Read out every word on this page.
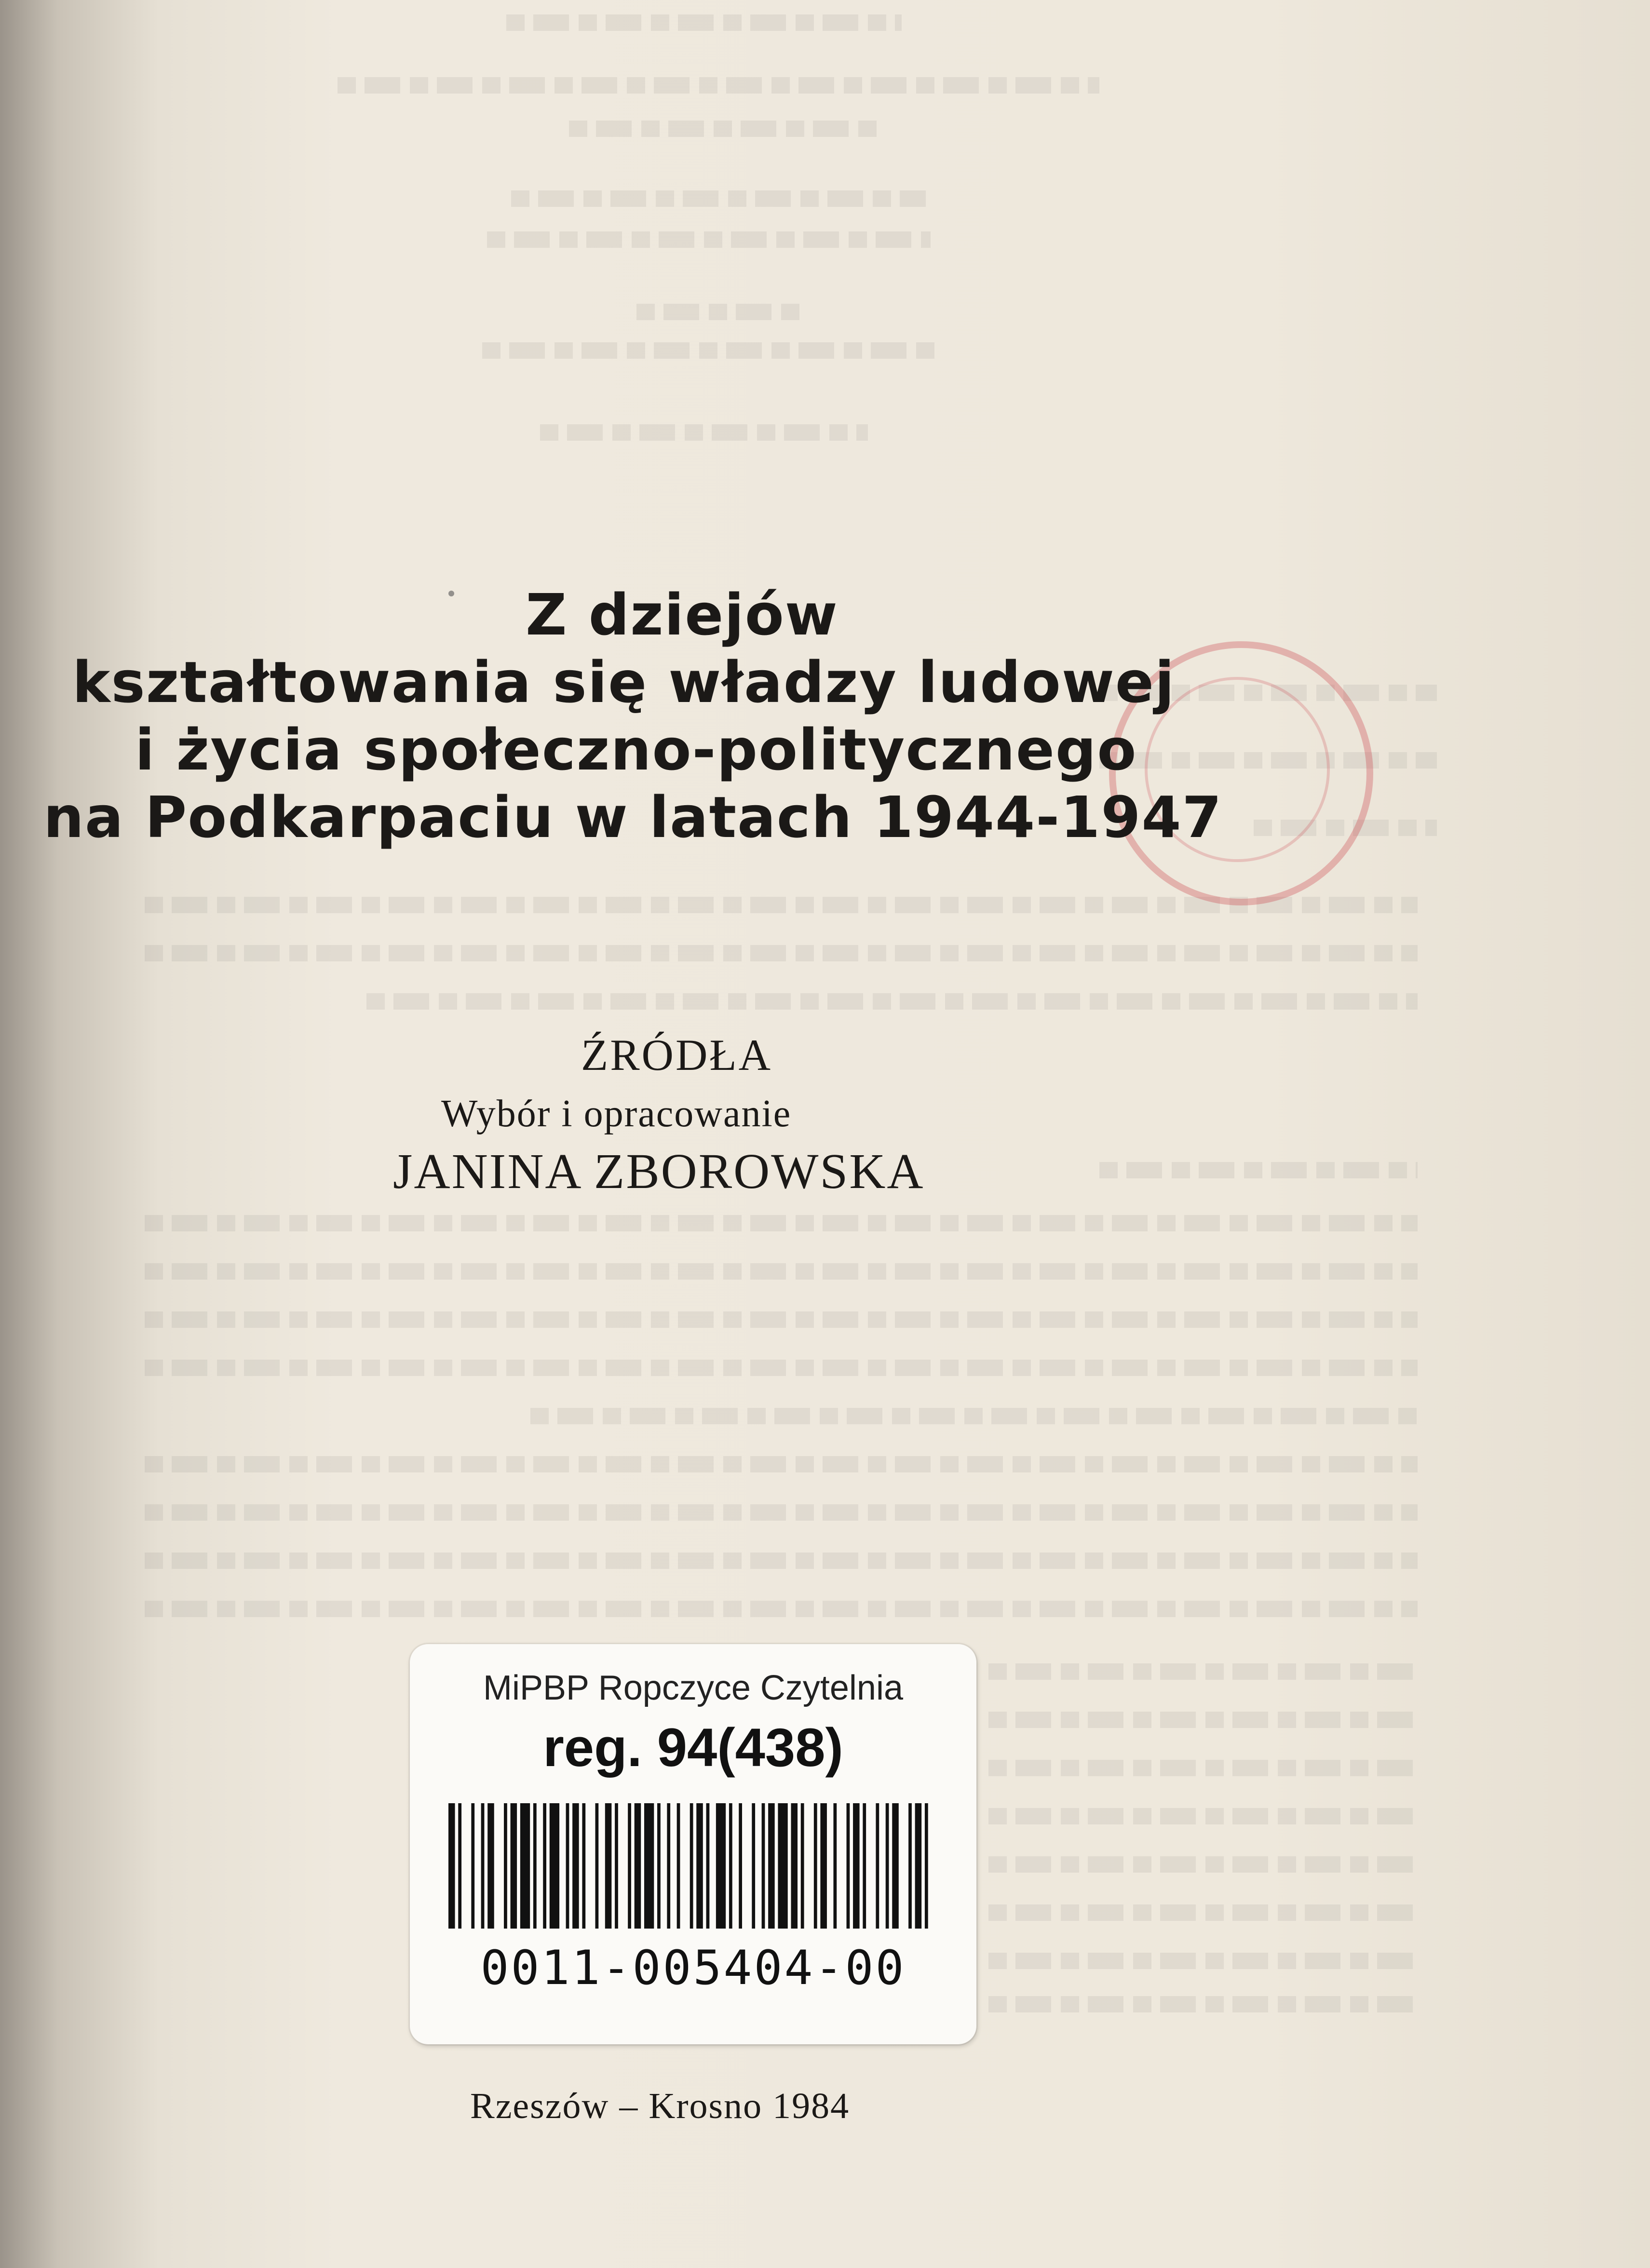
Z dziejów
kształtowania się władzy ludowej
i życia społeczno-politycznego
na Podkarpaciu w latach 1944-1947
ŹRÓDŁA
Wybór i opracowanie
JANINA ZBOROWSKA
MiPBP Ropczyce Czytelnia
reg. 94(438)
0011-005404-00
Rzeszów – Krosno 1984
